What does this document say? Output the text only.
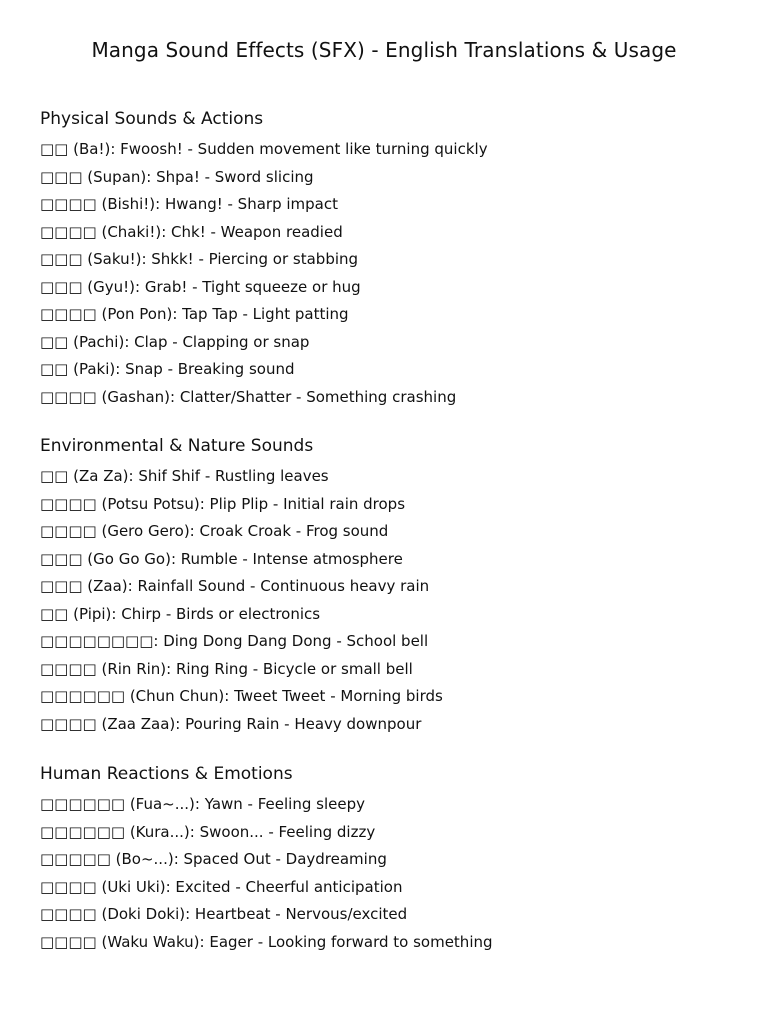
Manga Sound Effects (SFX) - English Translations & Usage
Physical Sounds & Actions
□□ (Ba!): Fwoosh! - Sudden movement like turning quickly
□□□ (Supan): Shpa! - Sword slicing
□□□□ (Bishi!): Hwang! - Sharp impact
□□□□ (Chaki!): Chk! - Weapon readied
□□□ (Saku!): Shkk! - Piercing or stabbing
□□□ (Gyu!): Grab! - Tight squeeze or hug
□□□□ (Pon Pon): Tap Tap - Light patting
□□ (Pachi): Clap - Clapping or snap
□□ (Paki): Snap - Breaking sound
□□□□ (Gashan): Clatter/Shatter - Something crashing
Environmental & Nature Sounds
□□ (Za Za): Shif Shif - Rustling leaves
□□□□ (Potsu Potsu): Plip Plip - Initial rain drops
□□□□ (Gero Gero): Croak Croak - Frog sound
□□□ (Go Go Go): Rumble - Intense atmosphere
□□□ (Zaa): Rainfall Sound - Continuous heavy rain
□□ (Pipi): Chirp - Birds or electronics
□□□□□□□□: Ding Dong Dang Dong - School bell
□□□□ (Rin Rin): Ring Ring - Bicycle or small bell
□□□□□□ (Chun Chun): Tweet Tweet - Morning birds
□□□□ (Zaa Zaa): Pouring Rain - Heavy downpour
Human Reactions & Emotions
□□□□□□ (Fua~...): Yawn - Feeling sleepy
□□□□□□ (Kura...): Swoon... - Feeling dizzy
□□□□□ (Bo~...): Spaced Out - Daydreaming
□□□□ (Uki Uki): Excited - Cheerful anticipation
□□□□ (Doki Doki): Heartbeat - Nervous/excited
□□□□ (Waku Waku): Eager - Looking forward to something
